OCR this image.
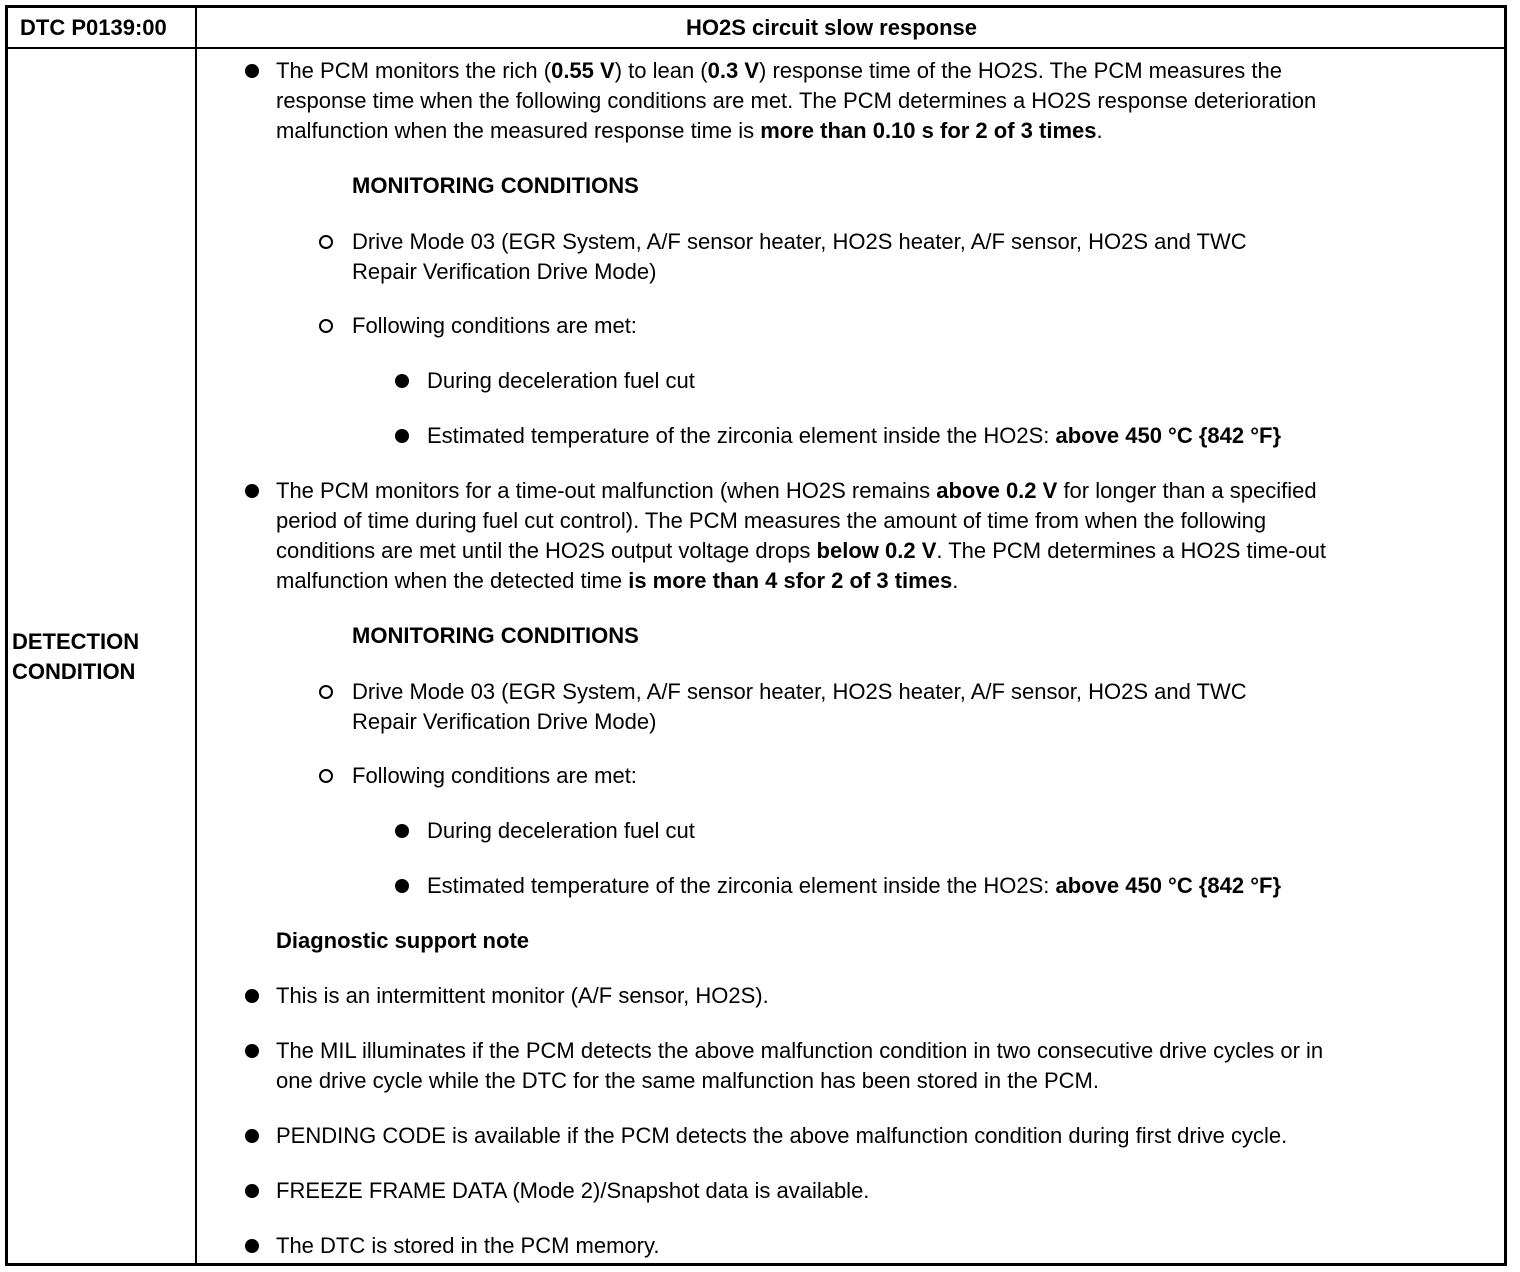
DTC P0139:00	HO2S circuit slow response
DETECTION
CONDITION
The PCM monitors the rich (0.55 V) to lean (0.3 V) response time of the HO2S. The PCM measures the
response time when the following conditions are met. The PCM determines a HO2S response deterioration
malfunction when the measured response time is more than 0.10 s for 2 of 3 times.
MONITORING CONDITIONS
Drive Mode 03 (EGR System, A/F sensor heater, HO2S heater, A/F sensor, HO2S and TWC
Repair Verification Drive Mode)
Following conditions are met:
During deceleration fuel cut
Estimated temperature of the zirconia element inside the HO2S: above 450 °C {842 °F}
The PCM monitors for a time-out malfunction (when HO2S remains above 0.2 V for longer than a specified
period of time during fuel cut control). The PCM measures the amount of time from when the following
conditions are met until the HO2S output voltage drops below 0.2 V. The PCM determines a HO2S time-out
malfunction when the detected time is more than 4 sfor 2 of 3 times.
MONITORING CONDITIONS
Drive Mode 03 (EGR System, A/F sensor heater, HO2S heater, A/F sensor, HO2S and TWC
Repair Verification Drive Mode)
Following conditions are met:
During deceleration fuel cut
Estimated temperature of the zirconia element inside the HO2S: above 450 °C {842 °F}
Diagnostic support note
This is an intermittent monitor (A/F sensor, HO2S).
The MIL illuminates if the PCM detects the above malfunction condition in two consecutive drive cycles or in
one drive cycle while the DTC for the same malfunction has been stored in the PCM.
PENDING CODE is available if the PCM detects the above malfunction condition during first drive cycle.
FREEZE FRAME DATA (Mode 2)/Snapshot data is available.
The DTC is stored in the PCM memory.
